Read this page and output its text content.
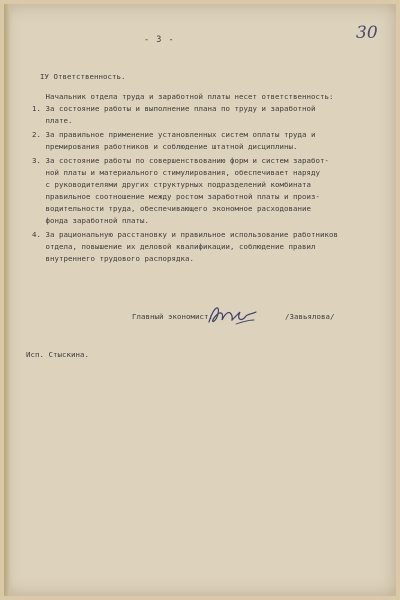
- 3 -	30
IУ Ответственность.
Начальник отдела труда и заработной платы несет ответственность:
1. За состояние работы и выполнение плана по труду и заработной
плате.
2. За правильное применение установленных систем оплаты труда и
премирования работников и соблюдение штатной дисциплины.
3. За состояние работы по совершенствованию форм и систем заработ-
ной платы и материального стимулирования, обеспечивает наряду
с руководителями других структурных подразделений комбината
правильное соотношение между ростом заработной платы и произ-
водительности труда, обеспечивающего экономное расходование
фонда заработной платы.
4. За рациональную расстановку и правильное использование работников
отдела, повышение их деловой квалификации, соблюдение правил
внутреннего трудового распорядка.
Главный экономист:	/Завьялова/
Исп. Стыскина.
